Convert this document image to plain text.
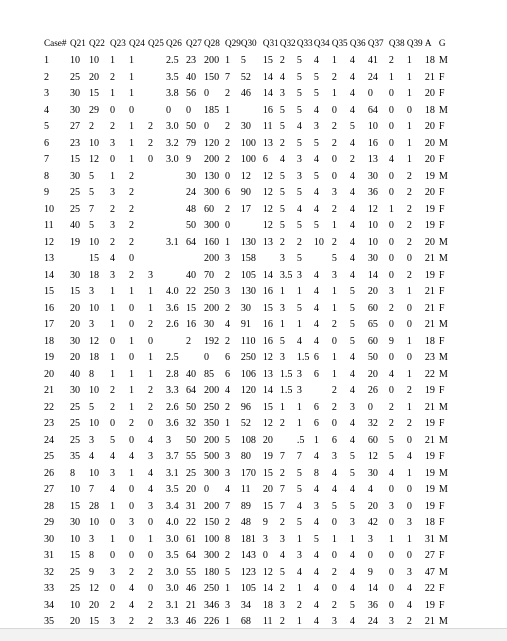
Case#	Q21	Q22	Q23	Q24	Q25	Q26	Q27	Q28	Q29	Q30	Q31	Q32	Q33	Q34	Q35	Q36	Q37	Q38	Q39	A	G
1	10	10	1	1		2.5	23	200	1	5	15	2	5	4	1	4	41	2	1	18	M
2	25	20	2	1		3.5	40	150	7	52	14	4	5	5	2	4	24	1	1	21	F
3	30	15	1	1		3.8	56	0	2	46	14	3	5	5	1	4	0	0	1	20	F
4	30	29	0	0		0	0	185	1		16	5	5	4	0	4	64	0	0	18	M
5	27	2	2	1	2	3.0	50	0	2	30	11	5	4	3	2	5	10	0	1	20	F
6	23	10	3	1	2	3.2	79	120	2	100	13	2	5	5	2	4	16	0	1	20	M
7	15	12	0	1	0	3.0	9	200	2	100	6	4	3	4	0	2	13	4	1	20	F
8	30	5	1	2			30	130	0	12	12	5	3	5	0	4	30	0	2	19	M
9	25	5	3	2			24	300	6	90	12	5	5	4	3	4	36	0	2	20	F
10	25	7	2	2			48	60	2	17	12	5	4	4	2	4	12	1	2	19	F
11	40	5	3	2			50	300	0		12	5	5	5	1	4	10	0	2	19	F
12	19	10	2	2		3.1	64	160	1	130	13	2	2	10	2	4	10	0	2	20	M
13		15	4	0				200	3	158		3	5		5	4	30	0	0	21	M
14	30	18	3	2	3		40	70	2	105	14	3.5	3	4	3	4	14	0	2	19	F
15	15	3	1	1	1	4.0	22	250	3	130	16	1	1	4	1	5	20	3	1	21	F
16	20	10	1	0	1	3.6	15	200	2	30	15	3	5	4	1	5	60	2	0	21	F
17	20	3	1	0	2	2.6	16	30	4	91	16	1	1	4	2	5	65	0	0	21	M
18	30	12	0	1	0		2	192	2	110	16	5	4	4	0	5	60	9	1	18	F
19	20	18	1	0	1	2.5		0	6	250	12	3	1.5	6	1	4	50	0	0	23	M
20	40	8	1	1	1	2.8	40	85	6	106	13	1.5	3	6	1	4	20	4	1	22	M
21	30	10	2	1	2	3.3	64	200	4	120	14	1.5	3		2	4	26	0	2	19	F
22	25	5	2	1	2	2.6	50	250	2	96	15	1	1	6	2	3	0	2	1	21	M
23	25	10	0	2	0	3.6	32	350	1	52	12	2	1	6	0	4	32	2	2	19	F
24	25	3	5	0	4	3	50	200	5	108	20		.5	1	6	4	60	5	0	21	M
25	35	4	4	4	3	3.7	55	500	3	80	19	7	7	4	3	5	12	5	4	19	F
26	8	10	3	1	4	3.1	25	300	3	170	15	2	5	8	4	5	30	4	1	19	M
27	10	7	4	0	4	3.5	20	0	4	11	20	7	5	4	4	4	4	0	0	19	M
28	15	28	1	0	3	3.4	31	200	7	89	15	7	4	3	5	5	20	3	0	19	F
29	30	10	0	3	0	4.0	22	150	2	48	9	2	5	4	0	3	42	0	3	18	F
30	10	3	1	0	1	3.0	61	100	8	181	3	3	1	5	1	1	3	1	1	31	M
31	15	8	0	0	0	3.5	64	300	2	143	0	4	3	4	0	4	0	0	0	27	F
32	25	9	3	2	2	3.0	55	180	5	123	12	5	4	4	2	4	9	0	3	47	M
33	25	12	0	4	0	3.0	46	250	1	105	14	2	1	4	0	4	14	0	4	22	F
34	10	20	2	4	2	3.1	21	346	3	34	18	3	2	4	2	5	36	0	4	19	F
35	20	15	3	2	2	3.3	46	226	1	68	11	2	1	4	3	4	24	3	2	21	M
